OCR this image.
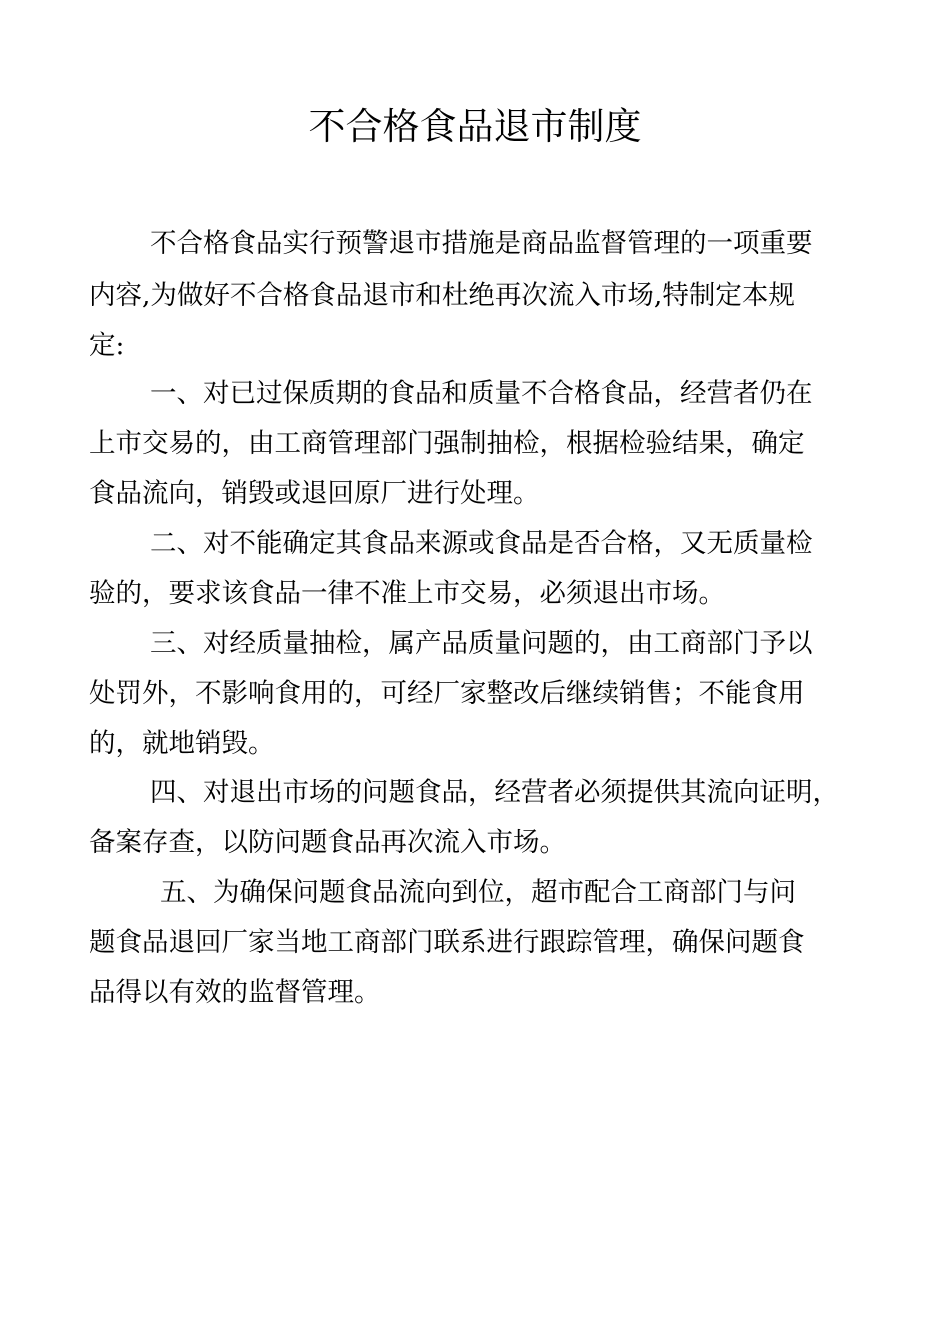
不合格食品退市制度

不合格食品实行预警退市措施是商品监督管理的一项重要

内容,为做好不合格食品退市和杜绝再次流入市场,特制定本规

定:

一、对已过保质期的食品和质量不合格食品，经营者仍在

上市交易的，由工商管理部门强制抽检，根据检验结果，确定

食品流向，销毁或退回原厂进行处理。

二、对不能确定其食品来源或食品是否合格，又无质量检

验的，要求该食品一律不准上市交易，必须退出市场。

三、对经质量抽检，属产品质量问题的，由工商部门予以

处罚外，不影响食用的，可经厂家整改后继续销售；不能食用

的，就地销毁。

四、对退出市场的问题食品，经营者必须提供其流向证明，

备案存查，以防问题食品再次流入市场。

五、为确保问题食品流向到位，超市配合工商部门与问

题食品退回厂家当地工商部门联系进行跟踪管理，确保问题食

品得以有效的监督管理。
